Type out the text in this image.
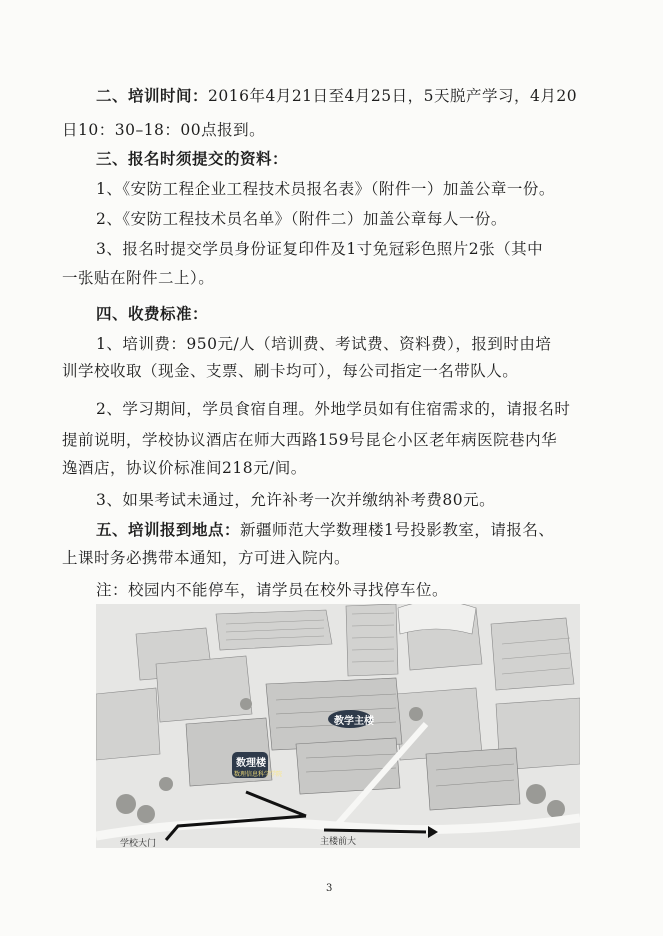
二、培训时间：2016年4月21日至4月25日，5天脱产学习，4月20
日10：30–18：00点报到。
三、报名时须提交的资料：
1、《安防工程企业工程技术员报名表》（附件一）加盖公章一份。
2、《安防工程技术员名单》（附件二）加盖公章每人一份。
3、报名时提交学员身份证复印件及1寸免冠彩色照片2张（其中
一张贴在附件二上）。
四、收费标准：
1、培训费：950元/人（培训费、考试费、资料费），报到时由培
训学校收取（现金、支票、刷卡均可），每公司指定一名带队人。
2、学习期间，学员食宿自理。外地学员如有住宿需求的，请报名时
提前说明，学校协议酒店在师大西路159号昆仑小区老年病医院巷内华
逸酒店，协议价标准间218元/间。
3、如果考试未通过，允许补考一次并缴纳补考费80元。
五、培训报到地点：新疆师范大学数理楼1号投影教室，请报名、
上课时务必携带本通知，方可进入院内。
注：校园内不能停车，请学员在校外寻找停车位。
教学主楼
数理楼
数理信息科学学院
学校大门	主楼前大
3
